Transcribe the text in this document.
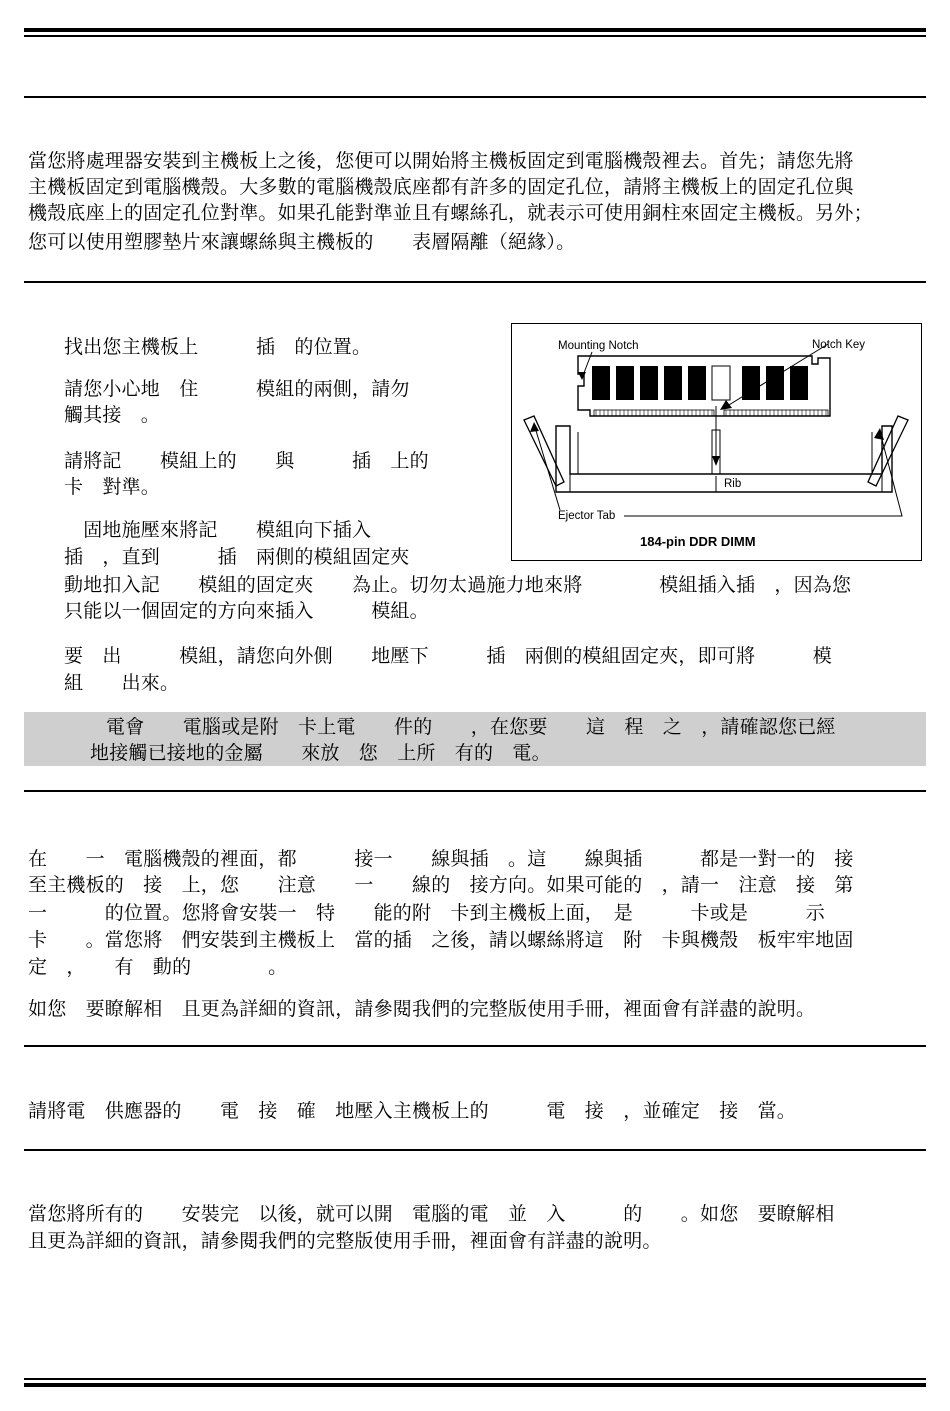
當您將處理器安裝到主機板上之後，您便可以開始將主機板固定到電腦機殼裡去。首先；請您先將
主機板固定到電腦機殼。大多數的電腦機殼底座都有許多的固定孔位，請將主機板上的固定孔位與
機殼底座上的固定孔位對準。如果孔能對準並且有螺絲孔，就表示可使用銅柱來固定主機板。另外；
您可以使用塑膠墊片來讓螺絲與主機板的　　表層隔離（絕緣）。
找出您主機板上　　　插　的位置。
請您小心地　住　　　模組的兩側，請勿
觸其接　。
請將記　　模組上的　　與　　　插　上的
卡　對準。
　固地施壓來將記　　模組向下插入
插　，直到　　　插　兩側的模組固定夾
動地扣入記　　模組的固定夾　　為止。切勿太過施力地來將　　　　模組插入插　，因為您
只能以一個固定的方向來插入　　　模組。
要　出　　　模組，請您向外側　　地壓下　　　插　兩側的模組固定夾，即可將　　　模
組　　出來。
Mounting Notch	Notch Key
Rib
Ejector Tab
184-pin DDR DIMM
電會　　電腦或是附　卡上電　　件的　　，在您要　　這　程　之　，請確認您已經
地接觸已接地的金屬　　來放　您　上所　有的　電。
在　　一　電腦機殼的裡面，都　　　接一　　線與插　。這　　線與插　　　都是一對一的　接
至主機板的　接　上，您　　注意　　一　　線的　接方向。如果可能的　，請一　注意　接　第
一　　　的位置。您將會安裝一　特　　能的附　卡到主機板上面，　是　　　卡或是　　　示
卡　　。當您將　們安裝到主機板上　當的插　之後，請以螺絲將這　附　卡與機殼　板牢牢地固
定　，　　有　動的　　　　。
如您　要瞭解相　且更為詳細的資訊，請參閱我們的完整版使用手冊，裡面會有詳盡的說明。
請將電　供應器的　　電　接　確　地壓入主機板上的　　　電　接　，並確定　接　當。
當您將所有的　　安裝完　以後，就可以開　電腦的電　並　入　　　的　　。如您　要瞭解相
且更為詳細的資訊，請參閱我們的完整版使用手冊，裡面會有詳盡的說明。
